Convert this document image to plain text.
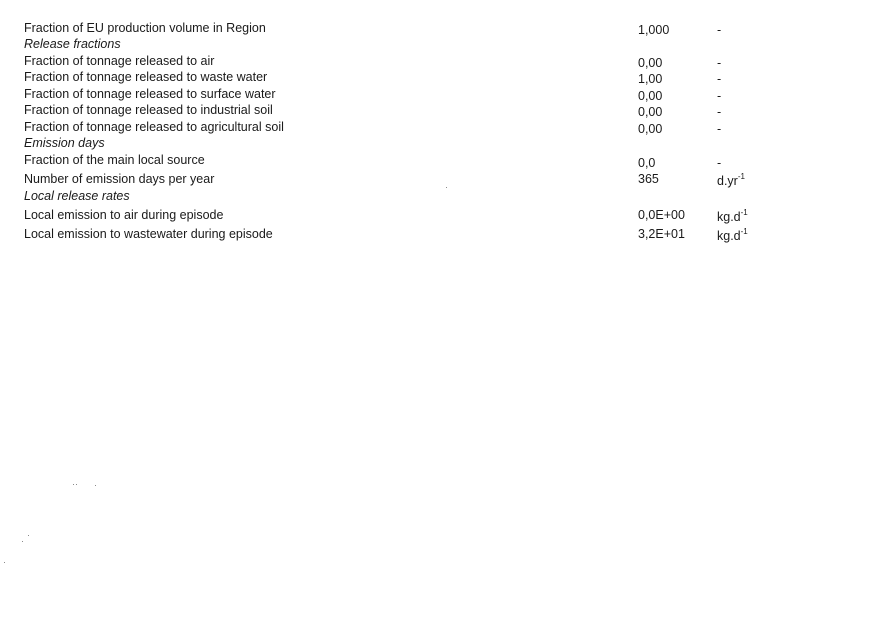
Fraction of EU production volume in Region	1,000	-
Release fractions
Fraction of tonnage released to air	0,00	-
Fraction of tonnage released to waste water	1,00	-
Fraction of tonnage released to surface water	0,00	-
Fraction of tonnage released to industrial soil	0,00	-
Fraction of tonnage released to agricultural soil	0,00	-
Emission days
Fraction of the main local source	0,0	-
Number of emission days per year	365	$d.yr^{-1}$
Local release rates
Local emission to air during episode	0,0E+00	$kg.d^{-1}$
Local emission to wastewater during episode	3,2E+01	$kg.d^{-1}$
